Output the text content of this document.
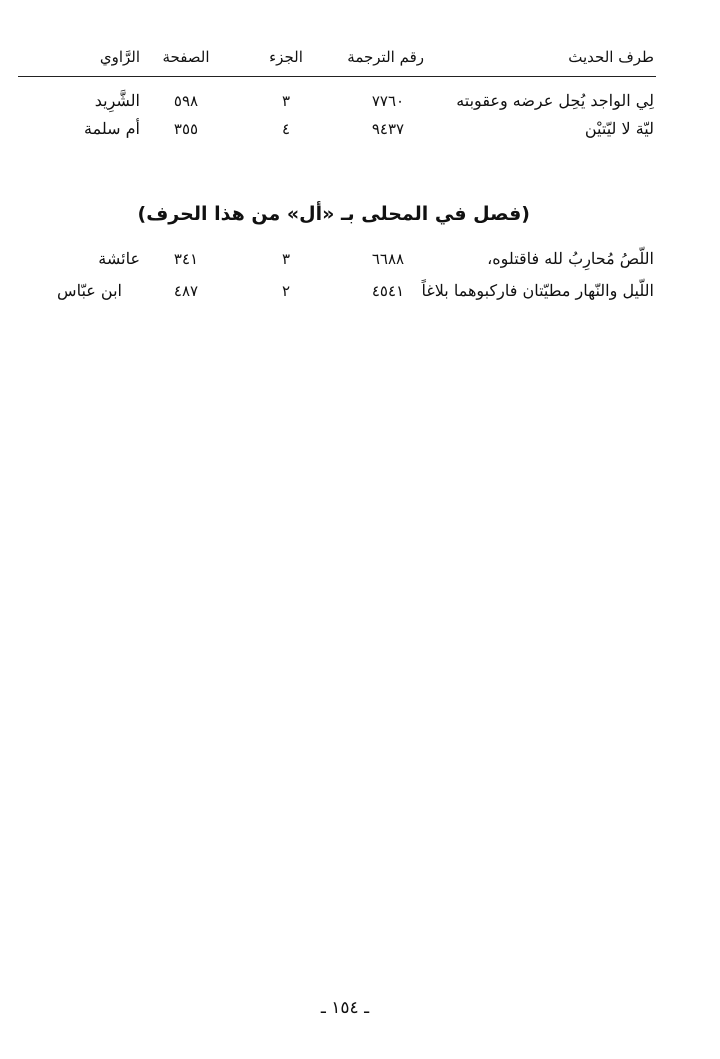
طرف الحديث
رقم الترجمة
الجزء
الصفحة
الرَّاوي
لِي الواجد يُحِل عرضه وعقوبته
٧٧٦٠
٣
٥٩٨
الشَّرِيد
ليّة لا ليّتيْن
٩٤٣٧
٤
٣٥٥
أم سلمة
(فصل في المحلى بـ «أل» من هذا الحرف)
اللّصُ مُحارِبُ لله فاقتلوه،
٦٦٨٨
٣
٣٤١
عائشة
اللّيل والنّهار مطيّتان فاركبوهما بلاغاً
٤٥٤١
٢
٤٨٧
ابن عبّاس
ـ ١٥٤ ـ
